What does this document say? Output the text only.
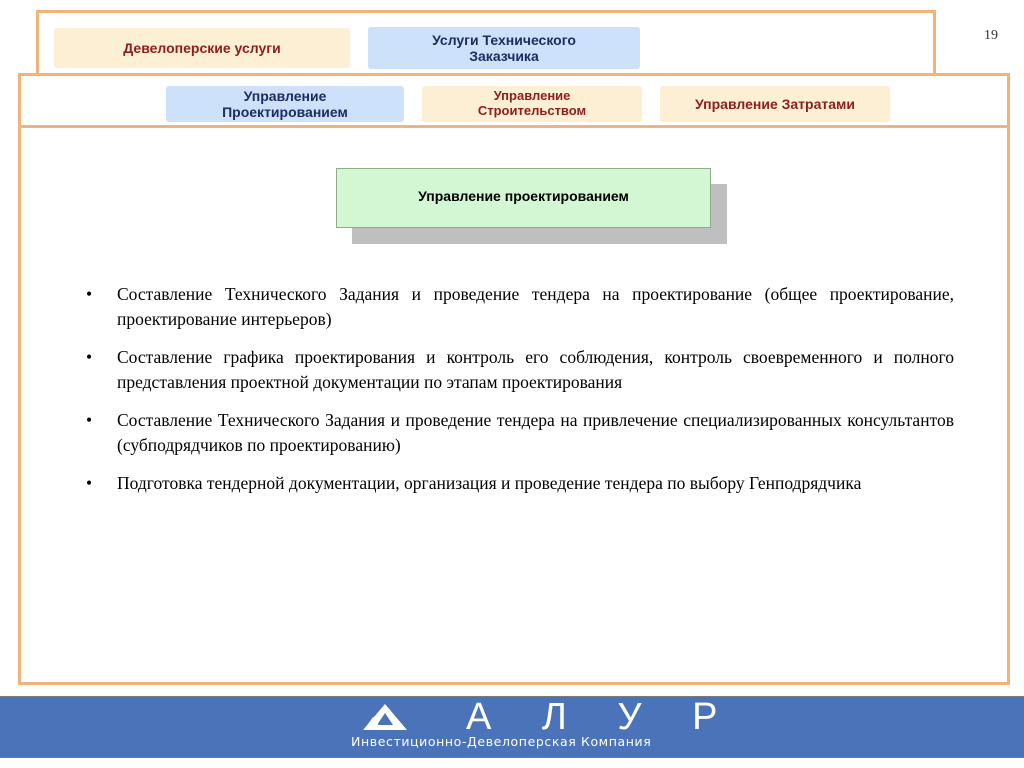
19
Девелоперские услуги
Услуги Технического Заказчика
Управление Проектированием
Управление Строительством	Управление Затратами
Управление проектированием
• Составление Технического Задания и проведение тендера на проектирование (общее проектирование, проектирование интерьеров)
• Составление графика проектирования и контроль его соблюдения, контроль своевременного и полного представления проектной документации по этапам проектирования
• Составление Технического Задания и проведение тендера на привлечение специализированных консультантов (субподрядчиков по проектированию)
• Подготовка тендерной документации, организация и проведение тендера по выбору Генподрядчика
А Л У Р
Инвестиционно-Девелоперская Компания
